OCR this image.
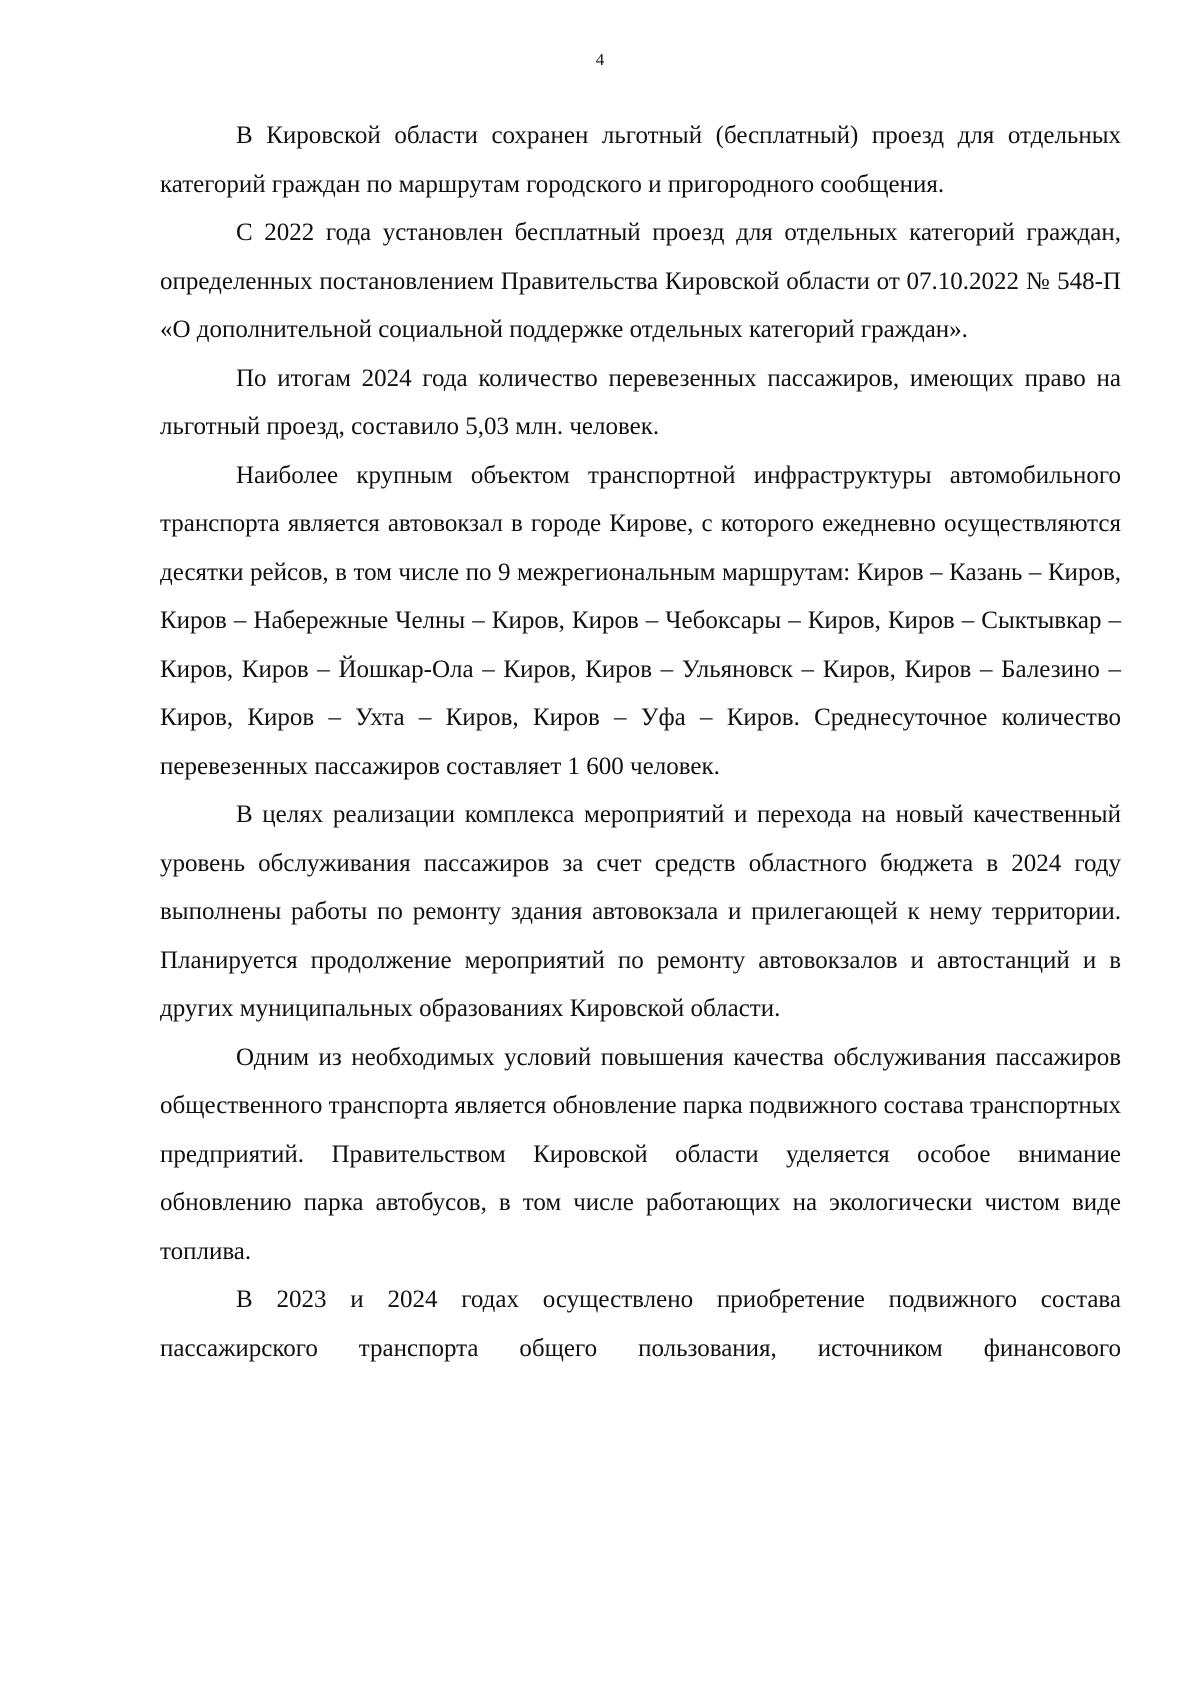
4

В Кировской области сохранен льготный (бесплатный) проезд для отдельных категорий граждан по маршрутам городского и пригородного сообщения.

С 2022 года установлен бесплатный проезд для отдельных категорий граждан, определенных постановлением Правительства Кировской области от 07.10.2022 № 548-П «О дополнительной социальной поддержке отдельных категорий граждан».

По итогам 2024 года количество перевезенных пассажиров, имеющих право на льготный проезд, составило 5,03 млн. человек.

Наиболее крупным объектом транспортной инфраструктуры автомобильного транспорта является автовокзал в городе Кирове, с которого ежедневно осуществляются десятки рейсов, в том числе по 9 межрегиональным маршрутам: Киров – Казань – Киров, Киров – Набережные Челны – Киров, Киров – Чебоксары – Киров, Киров – Сыктывкар – Киров, Киров – Йошкар-Ола – Киров, Киров – Ульяновск – Киров, Киров – Балезино – Киров, Киров – Ухта – Киров, Киров – Уфа – Киров. Среднесуточное количество перевезенных пассажиров составляет 1 600 человек.

В целях реализации комплекса мероприятий и перехода на новый качественный уровень обслуживания пассажиров за счет средств областного бюджета в 2024 году выполнены работы по ремонту здания автовокзала и прилегающей к нему территории. Планируется продолжение мероприятий по ремонту автовокзалов и автостанций и в других муниципальных образованиях Кировской области.

Одним из необходимых условий повышения качества обслуживания пассажиров общественного транспорта является обновление парка подвижного состава транспортных предприятий. Правительством Кировской области уделяется особое внимание обновлению парка автобусов, в том числе работающих на экологически чистом виде топлива.

В 2023 и 2024 годах осуществлено приобретение подвижного состава пассажирского транспорта общего пользования, источником финансового
